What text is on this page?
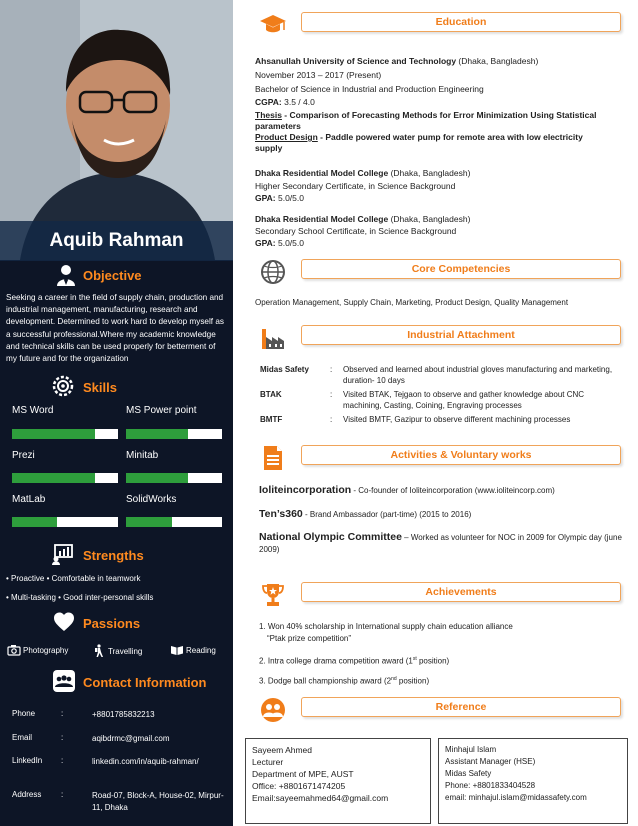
Aquib Rahman
Objective
Seeking a career in the field of supply chain, production and industrial management, manufacturing, research and development. Determined to work hard to develop myself as a successful professional.Where my academic knowledge and technical skills can be used properly for betterment of my future and for the organization
Skills
MS Word	MS Power point
Prezi	Minitab
MatLab	SolidWorks
Strengths
• Proactive • Comfortable in teamwork
• Multi-tasking • Good inter-personal skills
Passions
Photography	Travelling	Reading
Contact Information
Phone	:	+8801785832213
Email	:	aqibdrmc@gmail.com
LinkedIn :	linkedin.com/in/aquib-rahman/
Address :	Road-07, Block-A, House-02, Mirpur-11, Dhaka
Education
Ahsanullah University of Science and Technology (Dhaka, Bangladesh)
November 2013 – 2017 (Present)
Bachelor of Science in Industrial and Production Engineering
CGPA: 3.5 / 4.0
Thesis - Comparison of Forecasting Methods for Error Minimization Using Statistical parameters
Product Design - Paddle powered water pump for remote area with low electricity supply
Dhaka Residential Model College (Dhaka, Bangladesh)
Higher Secondary Certificate, in Science Background
GPA: 5.0/5.0
Dhaka Residential Model College (Dhaka, Bangladesh)
Secondary School Certificate, in Science Background
GPA: 5.0/5.0
Core Competencies
Operation Management, Supply Chain, Marketing, Product Design, Quality Management
Industrial Attachment
Midas Safety	: Observed and learned about industrial gloves manufacturing and marketing, duration- 10 days
BTAK	: Visited BTAK, Tejgaon to observe and gather knowledge about CNC machining, Casting, Coining, Engraving processes
BMTF	: Visited BMTF, Gazipur to observe different machining processes
Activities & Voluntary works
Ioliteincorporation - Co-founder of Ioliteincorporation (www.ioliteincorp.com)
Ten’s360 - Brand Ambassador (part-time) (2015 to 2016)
National Olympic Committee – Worked as volunteer for NOC in 2009 for Olympic day (june 2009)
Achievements
1. Won 40% scholarship in International supply chain education alliance
“Ptak prize competition”
2. Intra college drama competition award (1st position)
3. Dodge ball championship award (2nd position)
Reference
Sayeem Ahmed
Lecturer
Department of MPE, AUST
Office: +8801671474205
Email:sayeemahmed64@gmail.com
Minhajul Islam
Assistant Manager (HSE)
Midas Safety
Phone: +8801833404528
email: minhajul.islam@midassafety.com
